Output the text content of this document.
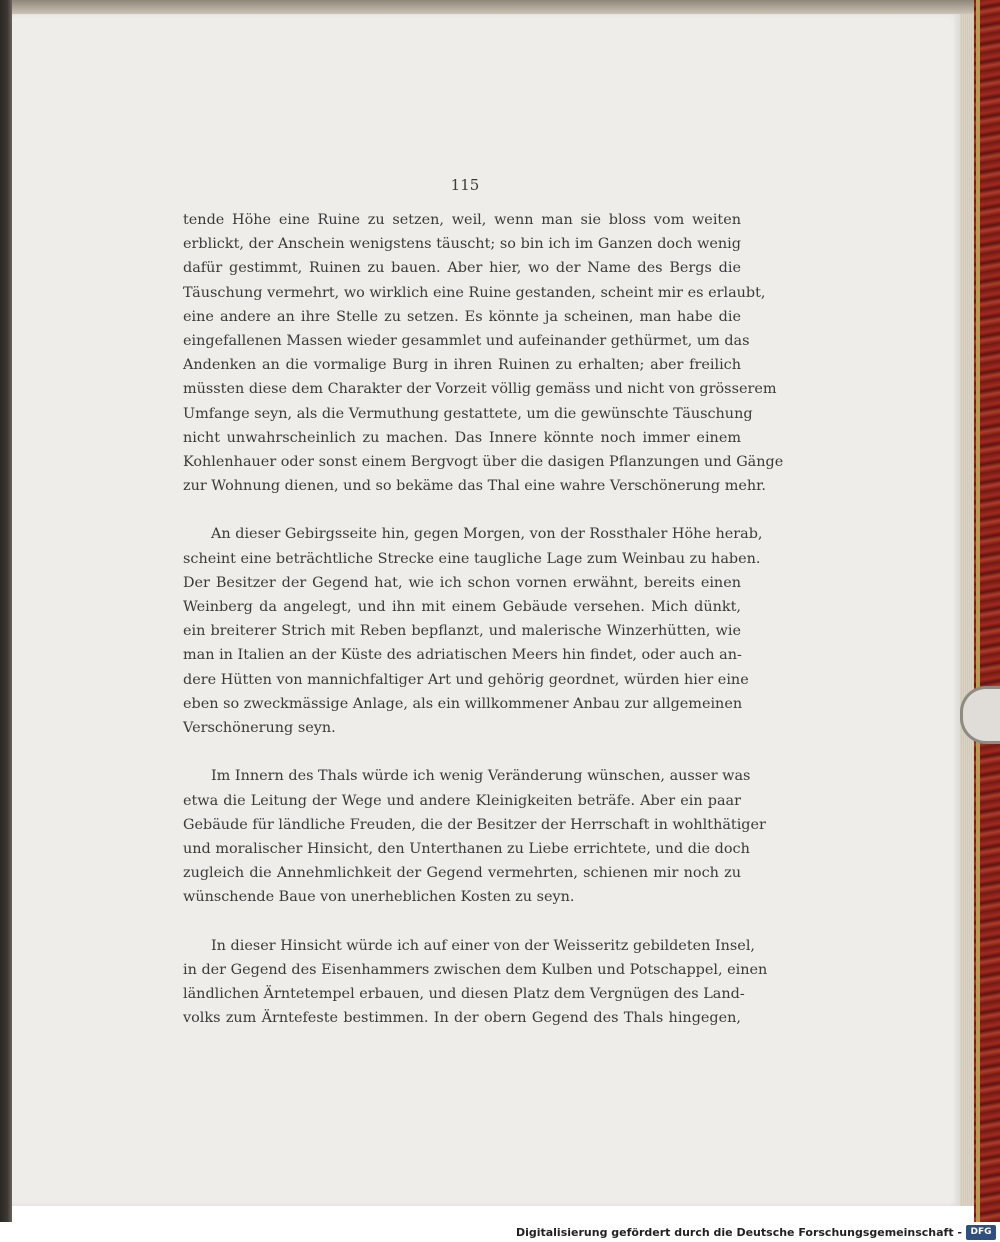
115
tende Höhe eine Ruine zu setzen, weil, wenn man sie bloss vom weiten
erblickt, der Anschein wenigstens täuscht; so bin ich im Ganzen doch wenig
dafür gestimmt, Ruinen zu bauen. Aber hier, wo der Name des Bergs die
Täuschung vermehrt, wo wirklich eine Ruine gestanden, scheint mir es erlaubt,
eine andere an ihre Stelle zu setzen. Es könnte ja scheinen, man habe die
eingefallenen Massen wieder gesammlet und aufeinander gethürmet, um das
Andenken an die vormalige Burg in ihren Ruinen zu erhalten; aber freilich
müssten diese dem Charakter der Vorzeit völlig gemäss und nicht von grösserem
Umfange seyn, als die Vermuthung gestattete, um die gewünschte Täuschung
nicht unwahrscheinlich zu machen. Das Innere könnte noch immer einem
Kohlenhauer oder sonst einem Bergvogt über die dasigen Pflanzungen und Gänge
zur Wohnung dienen, und so bekäme das Thal eine wahre Verschönerung mehr.
An dieser Gebirgsseite hin, gegen Morgen, von der Rossthaler Höhe herab,
scheint eine beträchtliche Strecke eine taugliche Lage zum Weinbau zu haben.
Der Besitzer der Gegend hat, wie ich schon vornen erwähnt, bereits einen
Weinberg da angelegt, und ihn mit einem Gebäude versehen. Mich dünkt,
ein breiterer Strich mit Reben bepflanzt, und malerische Winzerhütten, wie
man in Italien an der Küste des adriatischen Meers hin findet, oder auch an-
dere Hütten von mannichfaltiger Art und gehörig geordnet, würden hier eine
eben so zweckmässige Anlage, als ein willkommener Anbau zur allgemeinen
Verschönerung seyn.
Im Innern des Thals würde ich wenig Veränderung wünschen, ausser was
etwa die Leitung der Wege und andere Kleinigkeiten beträfe. Aber ein paar
Gebäude für ländliche Freuden, die der Besitzer der Herrschaft in wohlthätiger
und moralischer Hinsicht, den Unterthanen zu Liebe errichtete, und die doch
zugleich die Annehmlichkeit der Gegend vermehrten, schienen mir noch zu
wünschende Baue von unerheblichen Kosten zu seyn.
In dieser Hinsicht würde ich auf einer von der Weisseritz gebildeten Insel,
in der Gegend des Eisenhammers zwischen dem Kulben und Potschappel, einen
ländlichen Ärntetempel erbauen, und diesen Platz dem Vergnügen des Land-
volks zum Ärntefeste bestimmen. In der obern Gegend des Thals hingegen,
Digitalisierung gefördert durch die Deutsche Forschungsgemeinschaft - DFG
